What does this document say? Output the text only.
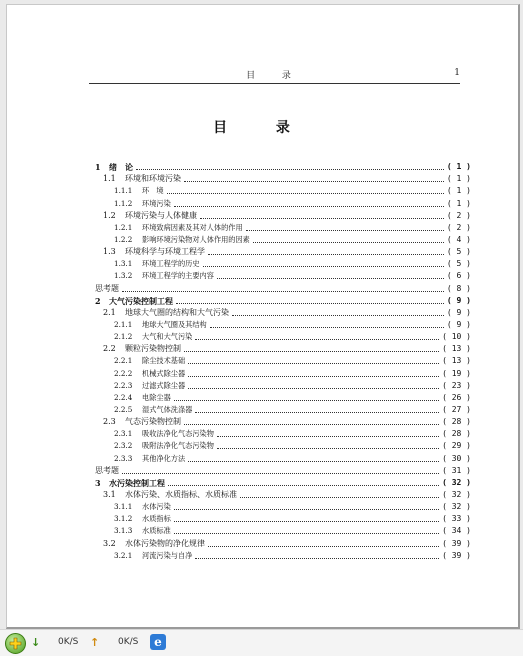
目 录	1
目 录
1	绪　论	( 1 )
1.1	环境和环境污染	( 1 )
1.1.1	环　境	( 1 )
1.1.2	环境污染	( 1 )
1.2	环境污染与人体健康	( 2 )
1.2.1	环境致病因素及其对人体的作用	( 2 )
1.2.2	影响环境污染物对人体作用的因素	( 4 )
1.3	环境科学与环境工程学	( 5 )
1.3.1	环境工程学的历史	( 5 )
1.3.2	环境工程学的主要内容	( 6 )
思考题	( 8 )
2	大气污染控制工程	( 9 )
2.1	地球大气圈的结构和大气污染	( 9 )
2.1.1	地球大气圈及其结构	( 9 )
2.1.2	大气和大气污染	( 10 )
2.2	颗粒污染物控制	( 13 )
2.2.1	除尘技术基础	( 13 )
2.2.2	机械式除尘器	( 19 )
2.2.3	过滤式除尘器	( 23 )
2.2.4	电除尘器	( 26 )
2.2.5	湿式气体洗涤器	( 27 )
2.3	气态污染物控制	( 28 )
2.3.1	吸收法净化气态污染物	( 28 )
2.3.2	吸附法净化气态污染物	( 29 )
2.3.3	其他净化方法	( 30 )
思考题	( 31 )
3	水污染控制工程	( 32 )
3.1	水体污染、水质指标、水质标准	( 32 )
3.1.1	水体污染	( 32 )
3.1.2	水质指标	( 33 )
3.1.3	水质标准	( 34 )
3.2	水体污染物的净化规律	( 39 )
3.2.1	河流污染与自净	( 39 )
↓ 0K/S ↑ 0K/S	e
